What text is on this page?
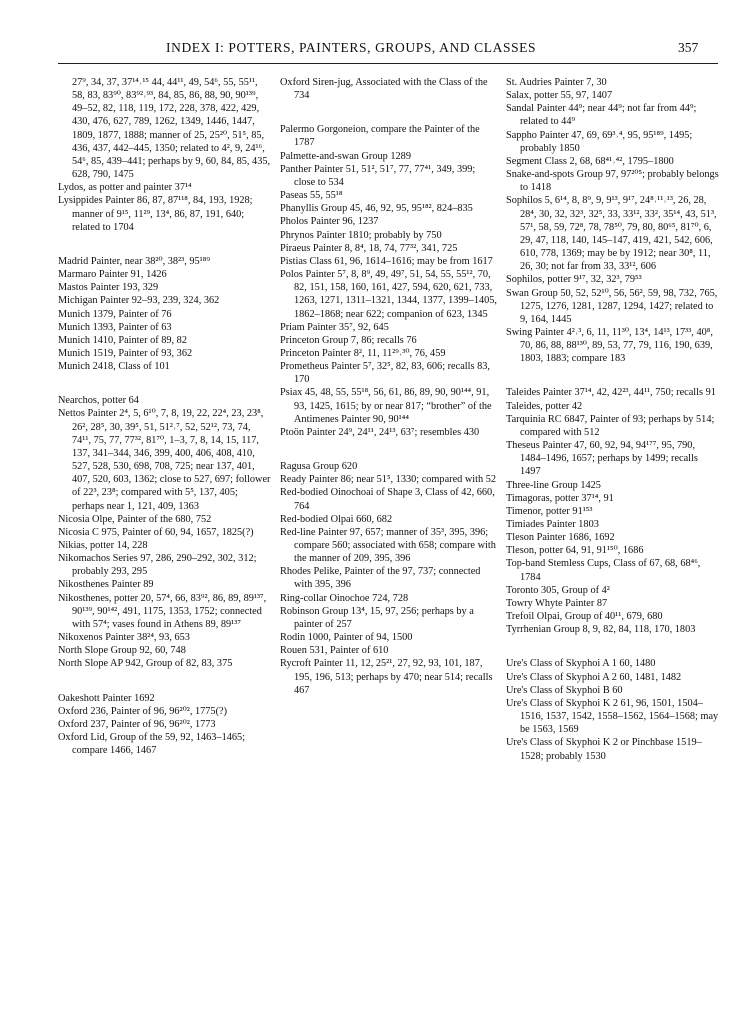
INDEX I: POTTERS, PAINTERS, GROUPS, AND CLASSES	357
27⁹, 34, 37, 37¹⁴˒¹⁵ 44, 44¹¹, 49, 54⁶, 55, 55¹¹, 58, 83, 83⁹⁰, 83⁹²˒⁹³, 84, 85, 86, 88, 90, 90¹³⁹, 49–52, 82, 118, 119, 172, 228, 378, 422, 429, 430, 476, 627, 789, 1262, 1349, 1446, 1447, 1809, 1877, 1888; manner of 25, 25²⁰, 51⁵, 85, 436, 437, 442–445, 1350; related to 4², 9, 24¹⁶, 54⁶, 85, 439–441; perhaps by 9, 60, 84, 85, 435, 628, 790, 1475
Lydos, as potter and painter 37¹⁴
Lysippides Painter 86, 87, 87¹¹⁸, 84, 193, 1928; manner of 9¹⁵, 11²⁹, 13⁴, 86, 87, 191, 640; related to 1704
Madrid Painter, near 38²⁰, 38²³, 95¹⁸⁹
Marmaro Painter 91, 1426
Mastos Painter 193, 329
Michigan Painter 92–93, 239, 324, 362
Munich 1379, Painter of 76
Munich 1393, Painter of 63
Munich 1410, Painter of 89, 82
Munich 1519, Painter of 93, 362
Munich 2418, Class of 101
Nearchos, potter 64
Nettos Painter 2⁴, 5, 6¹⁰, 7, 8, 19, 22, 22⁴, 23, 23⁸, 26², 28⁵, 30, 39⁵, 51, 51²˒⁷, 52, 52¹², 73, 74, 74¹¹, 75, 77, 77³², 81⁷⁰, 1–3, 7, 8, 14, 15, 117, 137, 341–344, 346, 399, 400, 406, 408, 410, 527, 528, 530, 698, 708, 725; near 137, 401, 407, 520, 603, 1362; close to 527, 697; follower of 22³, 23⁸; compared with 5⁵, 137, 405; perhaps near 1, 121, 409, 1363
Nicosia Olpe, Painter of the 680, 752
Nicosia C 975, Painter of 60, 94, 1657, 1825(?)
Nikias, potter 14, 228
Nikomachos Series 97, 286, 290–292, 302, 312; probably 293, 295
Nikosthenes Painter 89
Nikosthenes, potter 20, 57⁴, 66, 83⁹², 86, 89, 89¹³⁷, 90¹³⁹, 90¹⁴², 491, 1175, 1353, 1752; connected with 57⁴; vases found in Athens 89, 89¹³⁷
Nikoxenos Painter 38²⁴, 93, 653
North Slope Group 92, 60, 748
North Slope AP 942, Group of 82, 83, 375
Oakeshott Painter 1692
Oxford 236, Painter of 96, 96²⁰², 1775(?)
Oxford 237, Painter of 96, 96²⁰², 1773
Oxford Lid, Group of the 59, 92, 1463–1465; compare 1466, 1467
Oxford Siren-jug, Associated with the Class of the 734
Palermo Gorgoneion, compare the Painter of the 1787
Palmette-and-swan Group 1289
Panther Painter 51, 51², 51⁷, 77, 77⁴¹, 349, 399; close to 534
Paseas 55, 55¹⁸
Phanyllis Group 45, 46, 92, 95, 95¹⁸², 824–835
Pholos Painter 96, 1237
Phrynos Painter 1810; probably by 750
Piraeus Painter 8, 8⁴, 18, 74, 77³², 341, 725
Pistias Class 61, 96, 1614–1616; may be from 1617
Polos Painter 5⁷, 8, 8⁹, 49, 49⁷, 51, 54, 55, 55¹², 70, 82, 151, 158, 160, 161, 427, 594, 620, 621, 733, 1263, 1271, 1311–1321, 1344, 1377, 1399–1405, 1862–1868; near 622; companion of 623, 1345
Priam Painter 35⁷, 92, 645
Princeton Group 7, 86; recalls 76
Princeton Painter 8², 11, 11²⁹˒³⁰, 76, 459
Prometheus Painter 5⁷, 32⁵, 82, 83, 606; recalls 83, 170
Psiax 45, 48, 55, 55¹⁸, 56, 61, 86, 89, 90, 90¹⁴⁴, 91, 93, 1425, 1615; by or near 817; “brother” of the Antimenes Painter 90, 90¹⁴⁴
Ptoön Painter 24⁹, 24¹¹, 24¹³, 63⁷; resembles 430
Ragusa Group 620
Ready Painter 86; near 51⁵, 1330; compared with 52
Red-bodied Oinochoai of Shape 3, Class of 42, 660, 764
Red-bodied Olpai 660, 682
Red-line Painter 97, 657; manner of 35³, 395, 396; compare 560; associated with 658; compare with the manner of 209, 395, 396
Rhodes Pelike, Painter of the 97, 737; connected with 395, 396
Ring-collar Oinochoe 724, 728
Robinson Group 13⁴, 15, 97, 256; perhaps by a painter of 257
Rodin 1000, Painter of 94, 1500
Rouen 531, Painter of 610
Rycroft Painter 11, 12, 25²¹, 27, 92, 93, 101, 187, 195, 196, 513; perhaps by 470; near 514; recalls 467
St. Audries Painter 7, 30
Salax, potter 55, 97, 1407
Sandal Painter 44⁹; near 44⁹; not far from 44⁹; related to 44⁹
Sappho Painter 47, 69, 69³˒⁴, 95, 95¹⁸⁹, 1495; probably 1850
Segment Class 2, 68, 68⁴¹˒⁴², 1795–1800
Snake-and-spots Group 97, 97²⁰⁵; probably belongs to 1418
Sophilos 5, 6¹⁴, 8, 8⁹, 9, 9¹³, 9¹⁷, 24⁸˒¹¹˒¹³, 26, 28, 28⁴, 30, 32, 32³, 32⁵, 33, 33¹², 33², 35¹⁴, 43, 51³, 57¹, 58, 59, 72⁸, 78, 78⁵⁰, 79, 80, 80⁶⁵, 81⁷⁰, 6, 29, 47, 118, 140, 145–147, 419, 421, 542, 606, 610, 778, 1369; may be by 1912; near 30⁸, 11, 26, 30; not far from 33, 33¹², 606
Sophilos, potter 9¹⁷, 32, 32³, 79⁵³
Swan Group 50, 52, 52¹⁰, 56, 56², 59, 98, 732, 765, 1275, 1276, 1281, 1287, 1294, 1427; related to 9, 164, 1445
Swing Painter 4²˒³, 6, 11, 11³⁰, 13⁴, 14¹³, 17³³, 40⁸, 70, 86, 88, 88¹³⁰, 89, 53, 77, 79, 116, 190, 639, 1803, 1883; compare 183
Taleides Painter 37¹⁴, 42, 42²³, 44¹¹, 750; recalls 91
Taleides, potter 42
Tarquinia RC 6847, Painter of 93; perhaps by 514; compared with 512
Theseus Painter 47, 60, 92, 94, 94¹⁷⁷, 95, 790, 1484–1496, 1657; perhaps by 1499; recalls 1497
Three-line Group 1425
Timagoras, potter 37¹⁴, 91
Timenor, potter 91¹⁵³
Timiades Painter 1803
Tleson Painter 1686, 1692
Tleson, potter 64, 91, 91¹⁵⁰, 1686
Top-band Stemless Cups, Class of 67, 68, 68⁴⁶, 1784
Toronto 305, Group of 4²
Towry Whyte Painter 87
Trefoil Olpai, Group of 40¹¹, 679, 680
Tyrrhenian Group 8, 9, 82, 84, 118, 170, 1803
Ure's Class of Skyphoi A 1 60, 1480
Ure's Class of Skyphoi A 2 60, 1481, 1482
Ure's Class of Skyphoi B 60
Ure's Class of Skyphoi K 2 61, 96, 1501, 1504–1516, 1537, 1542, 1558–1562, 1564–1568; may be 1563, 1569
Ure's Class of Skyphoi K 2 or Pinchbase 1519–1528; probably 1530
